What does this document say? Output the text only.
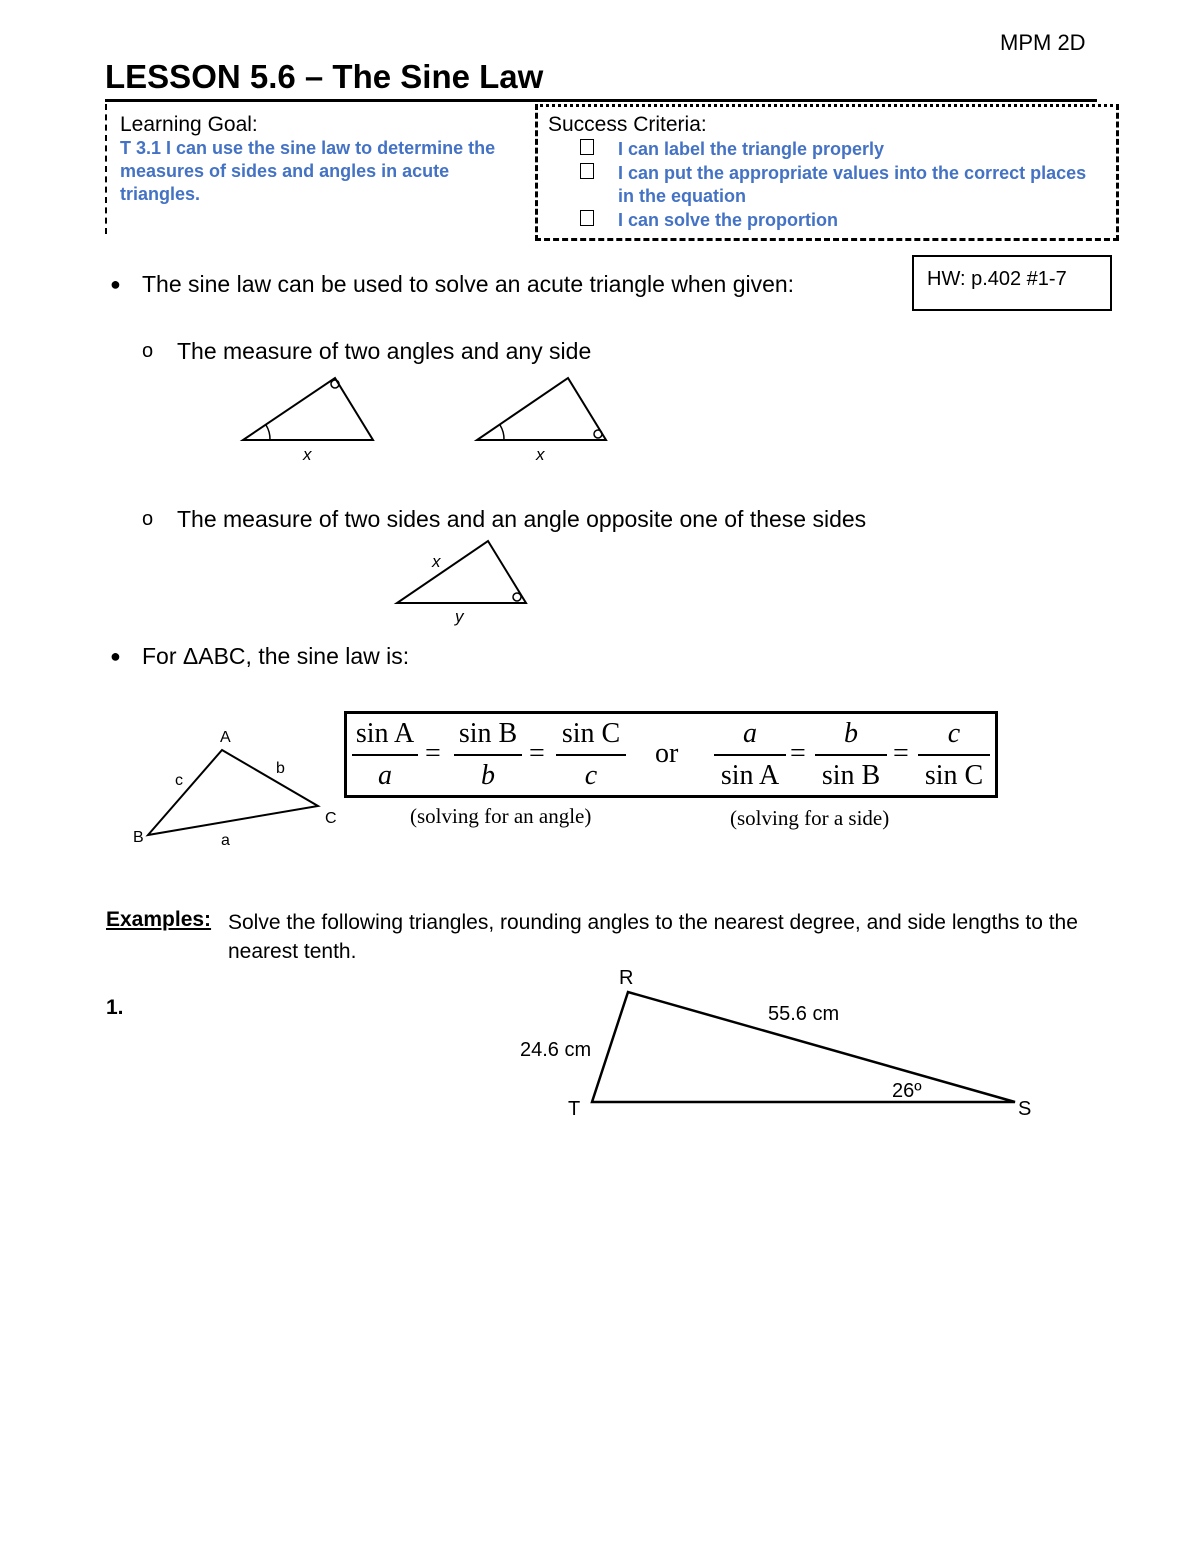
MPM 2D
LESSON 5.6 – The Sine Law
Learning Goal:
T 3.1 I can use the sine law to determine the measures of sides and angles in acute triangles.
Success Criteria:
I can label the triangle properly
I can put the appropriate values into the correct places in the equation
I can solve the proportion
HW: p.402 #1-7
● The sine law can be used to solve an acute triangle when given:
o The measure of two angles and any side
x	x
o The measure of two sides and an angle opposite one of these sides
x
y
● For ΔABC, the sine law is:
A
B
C
a
b
c
sin A
a
=
sin B
b
=
sin C
c
or
a
sin A
=
b
sin B
=
c
sin C
(solving for an angle)	(solving for a side)
Examples: Solve the following triangles, rounding angles to the nearest degree, and side lengths to the nearest tenth.
1.
R
T	S
55.6 cm
24.6 cm
26º
